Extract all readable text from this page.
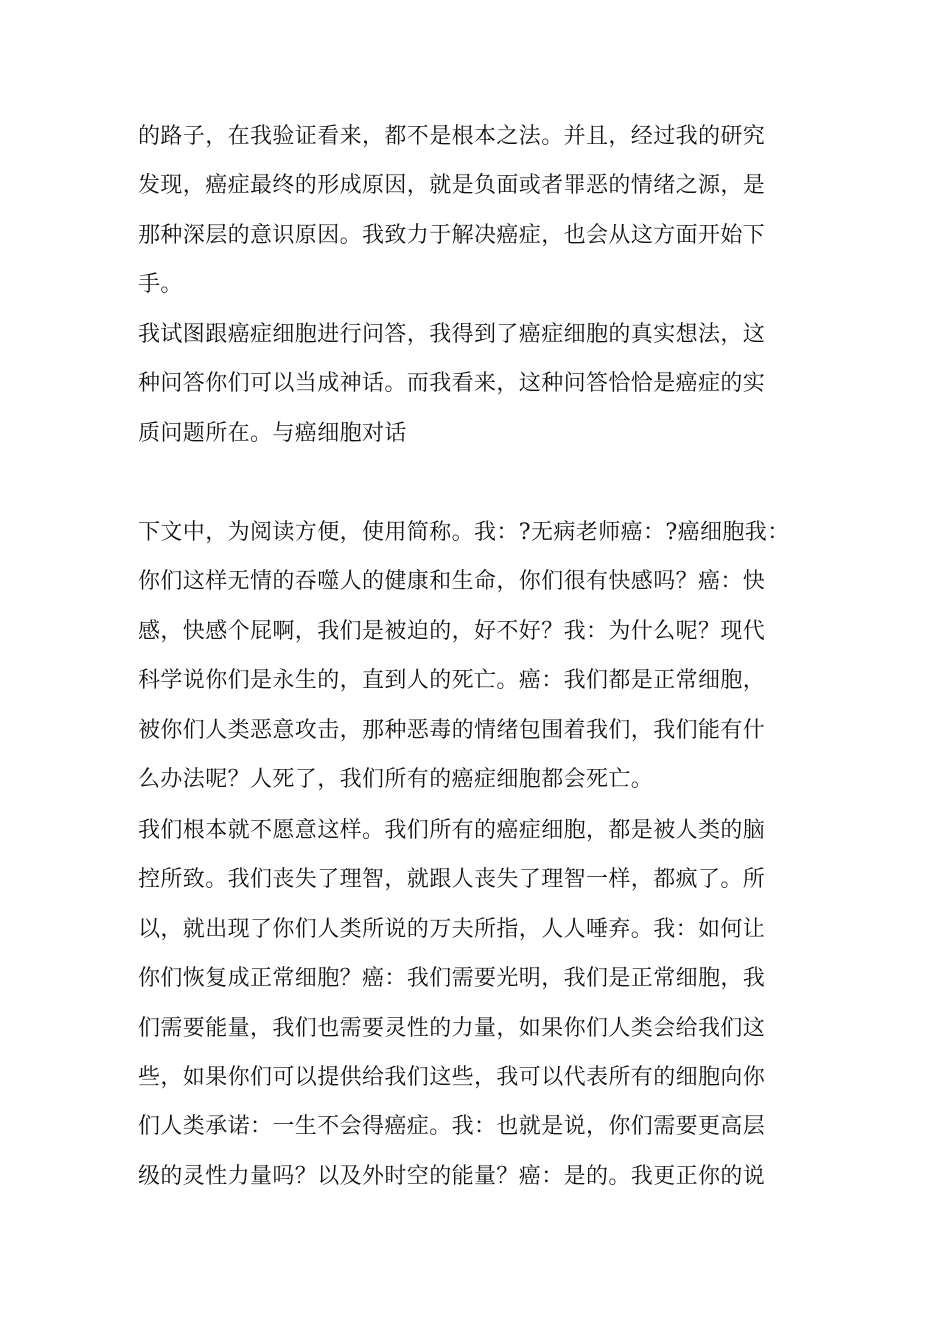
的路子，在我验证看来，都不是根本之法。并且，经过我的研究
发现，癌症最终的形成原因，就是负面或者罪恶的情绪之源，是
那种深层的意识原因。我致力于解决癌症，也会从这方面开始下
手。
我试图跟癌症细胞进行问答，我得到了癌症细胞的真实想法，这
种问答你们可以当成神话。而我看来，这种问答恰恰是癌症的实
质问题所在。与癌细胞对话
下文中，为阅读方便，使用简称。我：?无病老师癌：?癌细胞我：
你们这样无情的吞噬人的健康和生命，你们很有快感吗？癌：快
感，快感个屁啊，我们是被迫的，好不好？我：为什么呢？现代
科学说你们是永生的，直到人的死亡。癌：我们都是正常细胞，
被你们人类恶意攻击，那种恶毒的情绪包围着我们，我们能有什
么办法呢？人死了，我们所有的癌症细胞都会死亡。
我们根本就不愿意这样。我们所有的癌症细胞，都是被人类的脑
控所致。我们丧失了理智，就跟人丧失了理智一样，都疯了。所
以，就出现了你们人类所说的万夫所指，人人唾弃。我：如何让
你们恢复成正常细胞？癌：我们需要光明，我们是正常细胞，我
们需要能量，我们也需要灵性的力量，如果你们人类会给我们这
些，如果你们可以提供给我们这些，我可以代表所有的细胞向你
们人类承诺：一生不会得癌症。我：也就是说，你们需要更高层
级的灵性力量吗？以及外时空的能量？癌：是的。我更正你的说
